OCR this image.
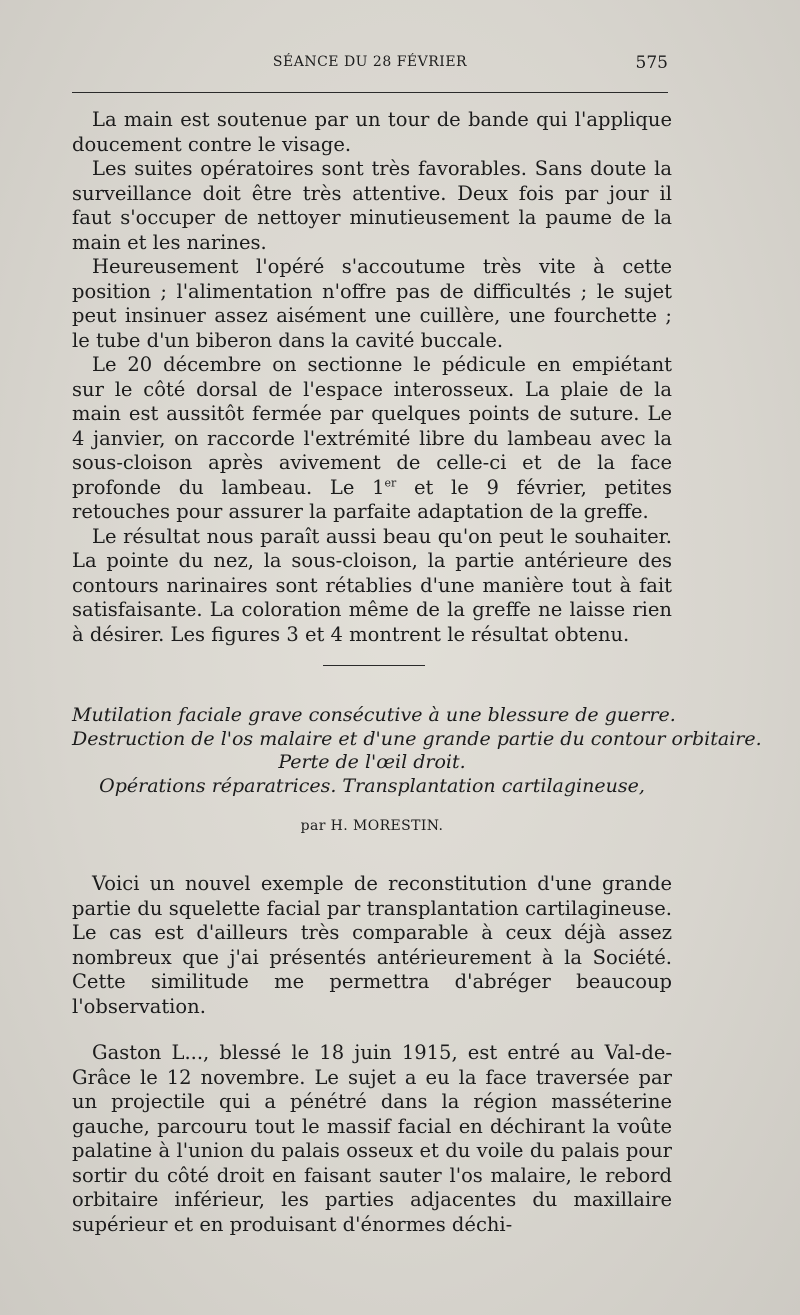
SÉANCE DU 28 FÉVRIER	575

La main est soutenue par un tour de bande qui l'applique doucement contre le visage.

Les suites opératoires sont très favorables. Sans doute la surveillance doit être très attentive. Deux fois par jour il faut s'occuper de nettoyer minutieusement la paume de la main et les narines.

Heureusement l'opéré s'accoutume très vite à cette position ; l'alimentation n'offre pas de difficultés ; le sujet peut insinuer assez aisément une cuillère, une fourchette ; le tube d'un biberon dans la cavité buccale.

Le 20 décembre on sectionne le pédicule en empiétant sur le côté dorsal de l'espace interosseux. La plaie de la main est aussitôt fermée par quelques points de suture. Le 4 janvier, on raccorde l'extrémité libre du lambeau avec la sous-cloison après avivement de celle-ci et de la face profonde du lambeau. Le 1er et le 9 février, petites retouches pour assurer la parfaite adaptation de la greffe.

Le résultat nous paraît aussi beau qu'on peut le souhaiter. La pointe du nez, la sous-cloison, la partie antérieure des contours narinaires sont rétablies d'une manière tout à fait satisfaisante. La coloration même de la greffe ne laisse rien à désirer. Les figures 3 et 4 montrent le résultat obtenu.

Mutilation faciale grave consécutive à une blessure de guerre.
Destruction de l'os malaire et d'une grande partie du contour orbitaire.
Perte de l'œil droit.
Opérations réparatrices. Transplantation cartilagineuse,
par H. MORESTIN.

Voici un nouvel exemple de reconstitution d'une grande partie du squelette facial par transplantation cartilagineuse. Le cas est d'ailleurs très comparable à ceux déjà assez nombreux que j'ai présentés antérieurement à la Société. Cette similitude me permettra d'abréger beaucoup l'observation.

Gaston L..., blessé le 18 juin 1915, est entré au Val-de-Grâce le 12 novembre. Le sujet a eu la face traversée par un projectile qui a pénétré dans la région masséterine gauche, parcouru tout le massif facial en déchirant la voûte palatine à l'union du palais osseux et du voile du palais pour sortir du côté droit en faisant sauter l'os malaire, le rebord orbitaire inférieur, les parties adjacentes du maxillaire supérieur et en produisant d'énormes déchi-
